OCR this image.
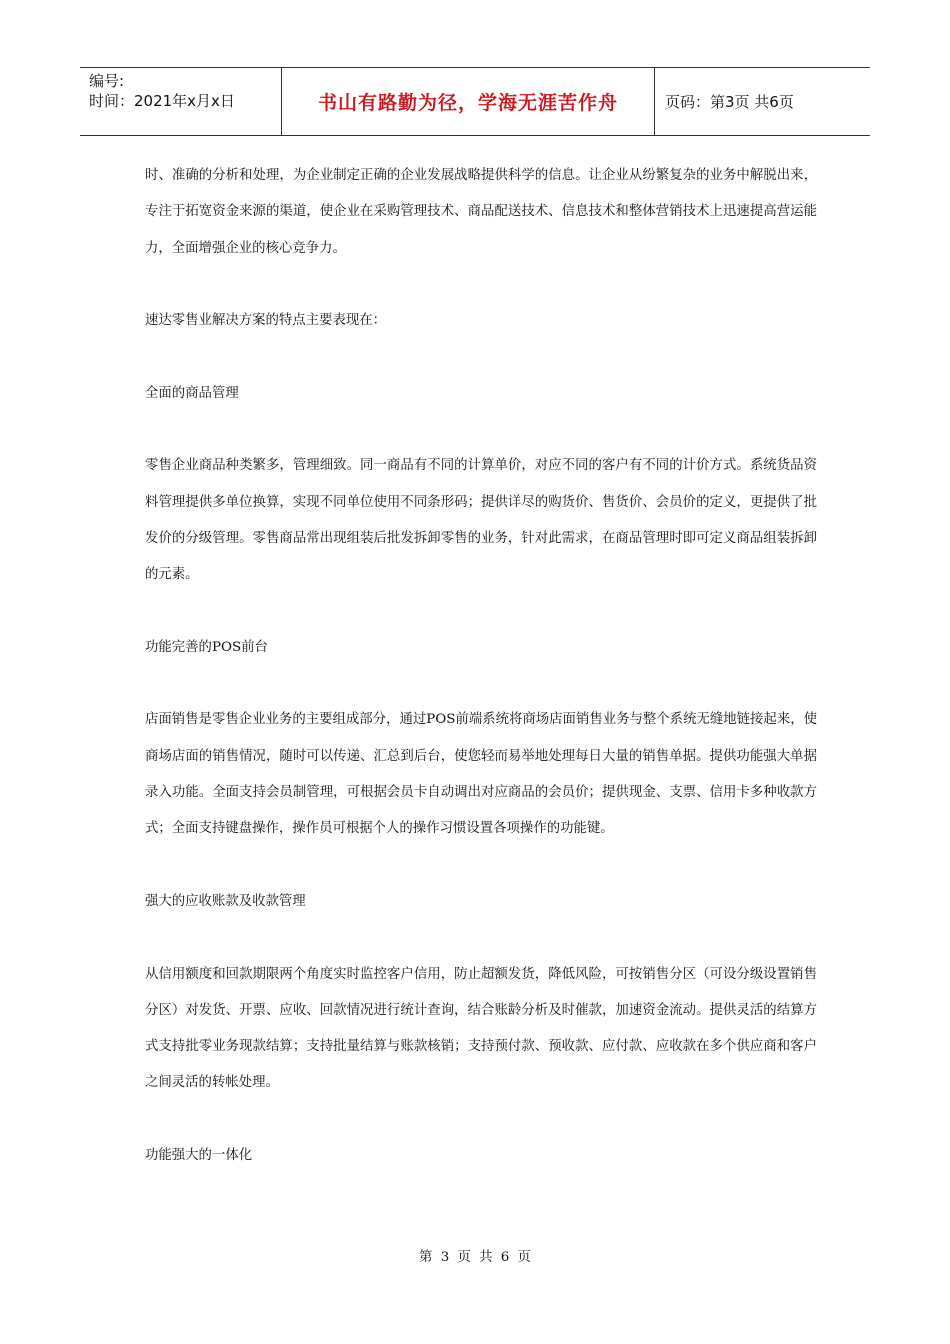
编号:
时间：2021年x月x日	书山有路勤为径，学海无涯苦作舟	页码：第3页 共6页

时、准确的分析和处理，为企业制定正确的企业发展战略提供科学的信息。让企业从纷繁复杂的业务中解脱出来，专注于拓宽资金来源的渠道，使企业在采购管理技术、商品配送技术、信息技术和整体营销技术上迅速提高营运能力，全面增强企业的核心竞争力。

速达零售业解决方案的特点主要表现在：

全面的商品管理

零售企业商品种类繁多，管理细致。同一商品有不同的计算单价，对应不同的客户有不同的计价方式。系统货品资料管理提供多单位换算，实现不同单位使用不同条形码；提供详尽的购货价、售货价、会员价的定义，更提供了批发价的分级管理。零售商品常出现组装后批发拆卸零售的业务，针对此需求，在商品管理时即可定义商品组装拆卸的元素。

功能完善的POS前台

店面销售是零售企业业务的主要组成部分，通过POS前端系统将商场店面销售业务与整个系统无缝地链接起来，使商场店面的销售情况，随时可以传递、汇总到后台，使您轻而易举地处理每日大量的销售单据。提供功能强大单据录入功能。全面支持会员制管理，可根据会员卡自动调出对应商品的会员价；提供现金、支票、信用卡多种收款方式；全面支持键盘操作，操作员可根据个人的操作习惯设置各项操作的功能键。

强大的应收账款及收款管理

从信用额度和回款期限两个角度实时监控客户信用，防止超额发货，降低风险，可按销售分区（可设分级设置销售分区）对发货、开票、应收、回款情况进行统计查询，结合账龄分析及时催款，加速资金流动。提供灵活的结算方式支持批零业务现款结算；支持批量结算与账款核销；支持预付款、预收款、应付款、应收款在多个供应商和客户之间灵活的转帐处理。

功能强大的一体化

第 3 页 共 6 页
